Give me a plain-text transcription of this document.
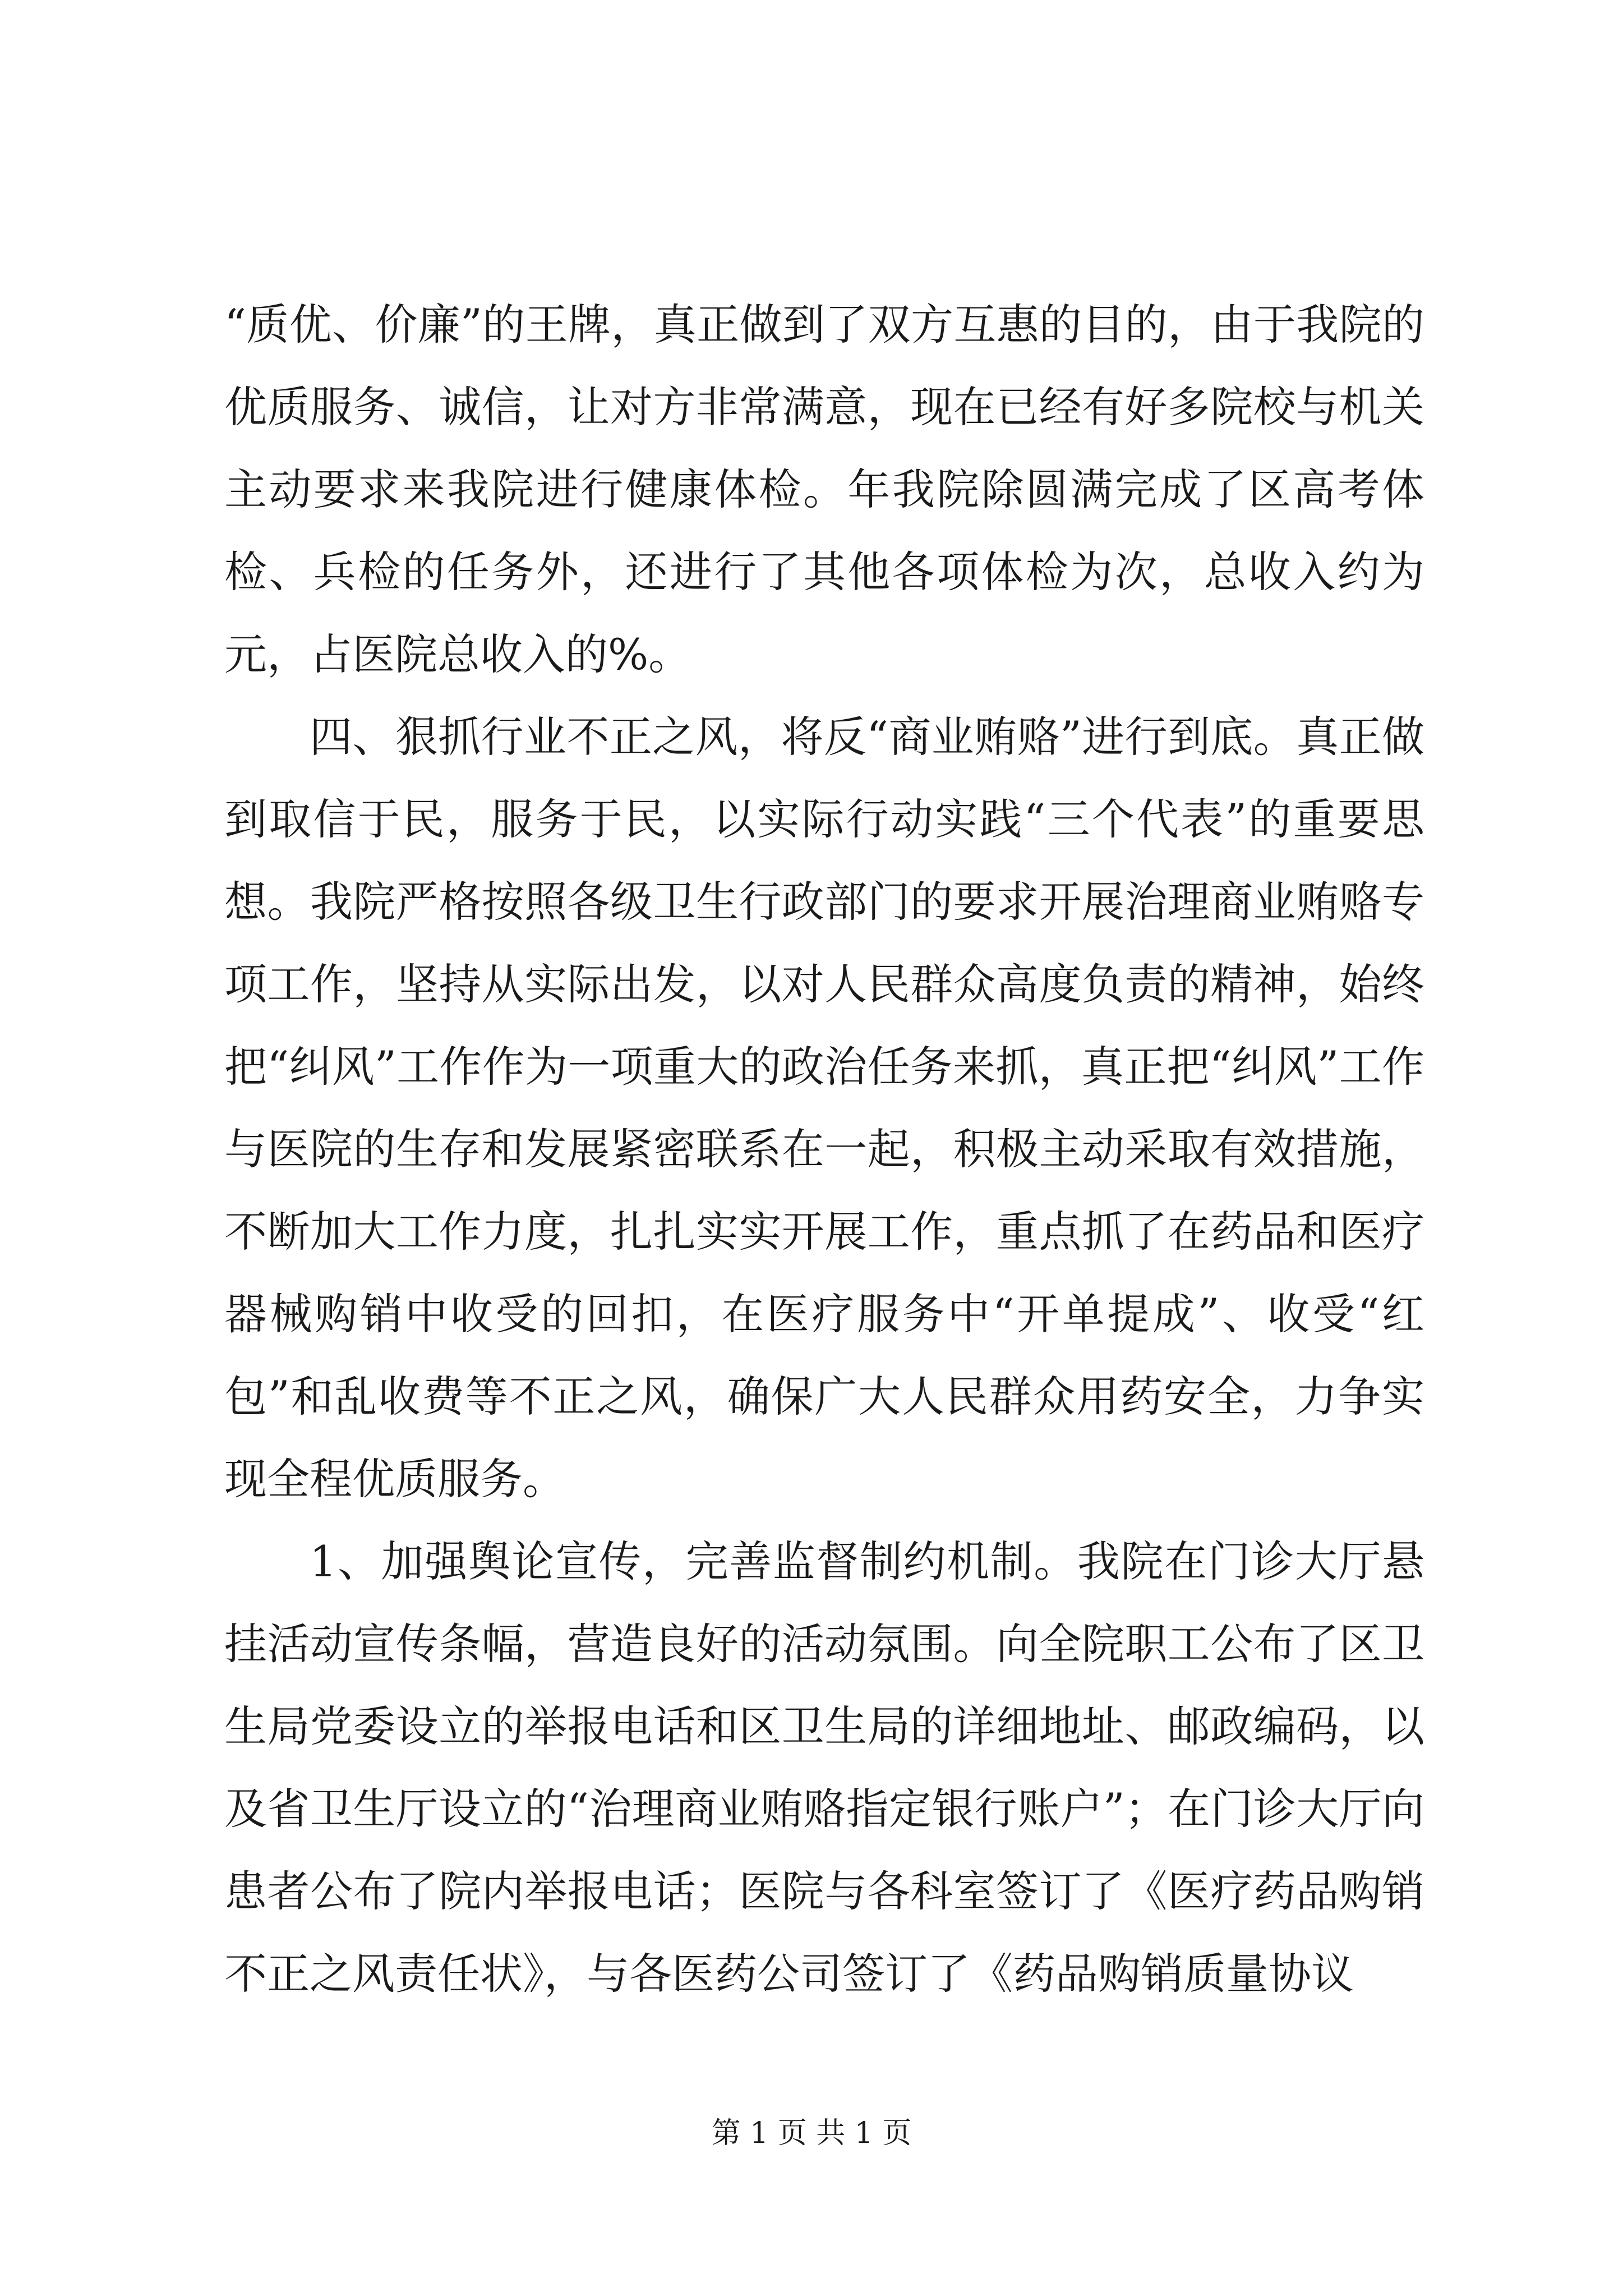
“质优、价廉”的王牌，真正做到了双方互惠的目的，由于我院的优质服务、诚信，让对方非常满意，现在已经有好多院校与机关主动要求来我院进行健康体检。年我院除圆满完成了区高考体检、兵检的任务外，还进行了其他各项体检为次，总收入约为元，占医院总收入的%。

四、狠抓行业不正之风，将反“商业贿赂”进行到底。真正做到取信于民，服务于民，以实际行动实践“三个代表”的重要思想。我院严格按照各级卫生行政部门的要求开展治理商业贿赂专项工作，坚持从实际出发，以对人民群众高度负责的精神，始终把“纠风”工作作为一项重大的政治任务来抓，真正把“纠风”工作与医院的生存和发展紧密联系在一起，积极主动采取有效措施，不断加大工作力度，扎扎实实开展工作，重点抓了在药品和医疗器械购销中收受的回扣，在医疗服务中“开单提成”、收受“红包”和乱收费等不正之风，确保广大人民群众用药安全，力争实现全程优质服务。

1、加强舆论宣传，完善监督制约机制。我院在门诊大厅悬挂活动宣传条幅，营造良好的活动氛围。向全院职工公布了区卫生局党委设立的举报电话和区卫生局的详细地址、邮政编码，以及省卫生厅设立的“治理商业贿赂指定银行账户”；在门诊大厅向患者公布了院内举报电话；医院与各科室签订了《医疗药品购销不正之风责任状》，与各医药公司签订了《药品购销质量协议

第 1 页 共 1 页
